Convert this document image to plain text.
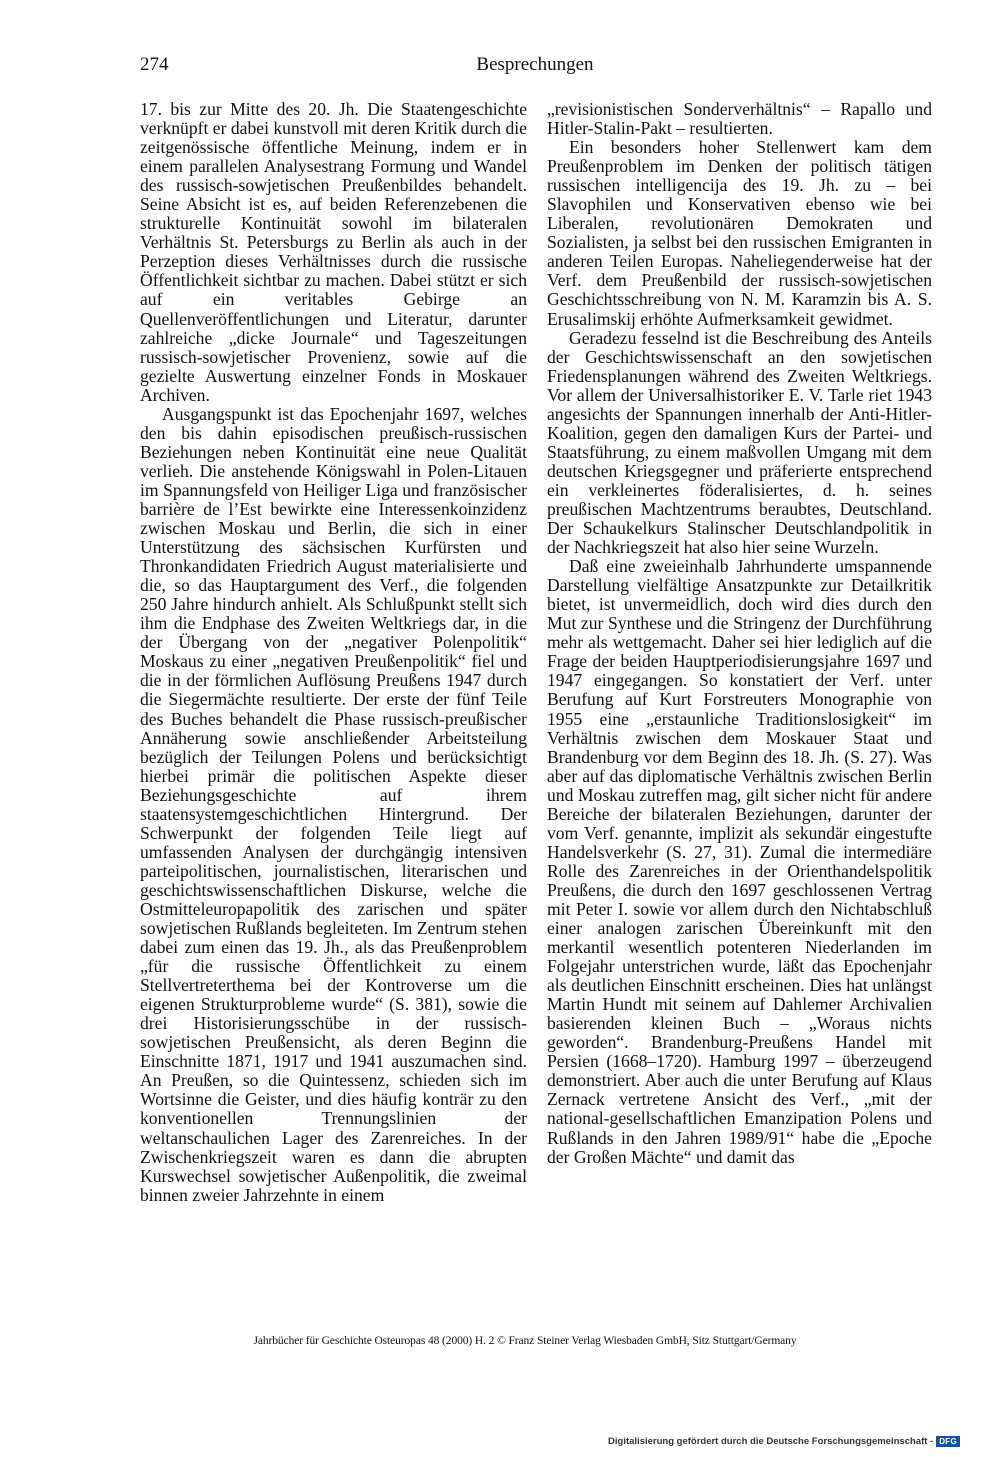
274	Besprechungen

17. bis zur Mitte des 20. Jh. Die Staatengeschichte verknüpft er dabei kunstvoll mit deren Kritik durch die zeitgenössische öffentliche Meinung, indem er in einem parallelen Analysestrang Formung und Wandel des russisch-sowjetischen Preußenbildes behandelt. Seine Absicht ist es, auf beiden Referenzebenen die strukturelle Kontinuität sowohl im bilateralen Verhältnis St. Petersburgs zu Berlin als auch in der Perzeption dieses Verhältnisses durch die russische Öffentlichkeit sichtbar zu machen. Dabei stützt er sich auf ein veritables Gebirge an Quellenveröffentlichungen und Literatur, darunter zahlreiche „dicke Journale“ und Tageszeitungen russisch-sowjetischer Provenienz, sowie auf die gezielte Auswertung einzelner Fonds in Moskauer Archiven.

Ausgangspunkt ist das Epochenjahr 1697, welches den bis dahin episodischen preußisch-russischen Beziehungen neben Kontinuität eine neue Qualität verlieh. Die anstehende Königswahl in Polen-Litauen im Spannungsfeld von Heiliger Liga und französischer barrière de l’Est bewirkte eine Interessenkoinzidenz zwischen Moskau und Berlin, die sich in einer Unterstützung des sächsischen Kurfürsten und Thronkandidaten Friedrich August materialisierte und die, so das Hauptargument des Verf., die folgenden 250 Jahre hindurch anhielt. Als Schlußpunkt stellt sich ihm die Endphase des Zweiten Weltkriegs dar, in die der Übergang von der „negativer Polenpolitik“ Moskaus zu einer „negativen Preußenpolitik“ fiel und die in der förmlichen Auflösung Preußens 1947 durch die Siegermächte resultierte. Der erste der fünf Teile des Buches behandelt die Phase russisch-preußischer Annäherung sowie anschließender Arbeitsteilung bezüglich der Teilungen Polens und berücksichtigt hierbei primär die politischen Aspekte dieser Beziehungsgeschichte auf ihrem staatensystemgeschichtlichen Hintergrund. Der Schwerpunkt der folgenden Teile liegt auf umfassenden Analysen der durchgängig intensiven parteipolitischen, journalistischen, literarischen und geschichtswissenschaftlichen Diskurse, welche die Ostmitteleuropapolitik des zarischen und später sowjetischen Rußlands begleiteten. Im Zentrum stehen dabei zum einen das 19. Jh., als das Preußenproblem „für die russische Öffentlichkeit zu einem Stellvertreterthema bei der Kontroverse um die eigenen Strukturprobleme wurde“ (S. 381), sowie die drei Historisierungsschübe in der russisch-sowjetischen Preußensicht, als deren Beginn die Einschnitte 1871, 1917 und 1941 auszumachen sind. An Preußen, so die Quintessenz, schieden sich im Wortsinne die Geister, und dies häufig konträr zu den konventionellen Trennungslinien der weltanschaulichen Lager des Zarenreiches. In der Zwischenkriegszeit waren es dann die abrupten Kurswechsel sowjetischer Außenpolitik, die zweimal binnen zweier Jahrzehnte in einem

„revisionistischen Sonderverhältnis“ – Rapallo und Hitler-Stalin-Pakt – resultierten.

Ein besonders hoher Stellenwert kam dem Preußenproblem im Denken der politisch tätigen russischen intelligencija des 19. Jh. zu – bei Slavophilen und Konservativen ebenso wie bei Liberalen, revolutionären Demokraten und Sozialisten, ja selbst bei den russischen Emigranten in anderen Teilen Europas. Naheliegenderweise hat der Verf. dem Preußenbild der russisch-sowjetischen Geschichtsschreibung von N. M. Karamzin bis A. S. Erusalimskij erhöhte Aufmerksamkeit gewidmet.

Geradezu fesselnd ist die Beschreibung des Anteils der Geschichtswissenschaft an den sowjetischen Friedensplanungen während des Zweiten Weltkriegs. Vor allem der Universalhistoriker E. V. Tarle riet 1943 angesichts der Spannungen innerhalb der Anti-Hitler-Koalition, gegen den damaligen Kurs der Partei- und Staatsführung, zu einem maßvollen Umgang mit dem deutschen Kriegsgegner und präferierte entsprechend ein verkleinertes föderalisiertes, d. h. seines preußischen Machtzentrums beraubtes, Deutschland. Der Schaukelkurs Stalinscher Deutschlandpolitik in der Nachkriegszeit hat also hier seine Wurzeln.

Daß eine zweieinhalb Jahrhunderte umspannende Darstellung vielfältige Ansatzpunkte zur Detailkritik bietet, ist unvermeidlich, doch wird dies durch den Mut zur Synthese und die Stringenz der Durchführung mehr als wettgemacht. Daher sei hier lediglich auf die Frage der beiden Hauptperiodisierungsjahre 1697 und 1947 eingegangen. So konstatiert der Verf. unter Berufung auf Kurt Forstreuters Monographie von 1955 eine „erstaunliche Traditionslosigkeit“ im Verhältnis zwischen dem Moskauer Staat und Brandenburg vor dem Beginn des 18. Jh. (S. 27). Was aber auf das diplomatische Verhältnis zwischen Berlin und Moskau zutreffen mag, gilt sicher nicht für andere Bereiche der bilateralen Beziehungen, darunter der vom Verf. genannte, implizit als sekundär eingestufte Handelsverkehr (S. 27, 31). Zumal die intermediäre Rolle des Zarenreiches in der Orienthandelspolitik Preußens, die durch den 1697 geschlossenen Vertrag mit Peter I. sowie vor allem durch den Nichtabschluß einer analogen zarischen Übereinkunft mit den merkantil wesentlich potenteren Niederlanden im Folgejahr unterstrichen wurde, läßt das Epochenjahr als deutlichen Einschnitt erscheinen. Dies hat unlängst Martin Hundt mit seinem auf Dahlemer Archivalien basierenden kleinen Buch – „Woraus nichts geworden“. Brandenburg-Preußens Handel mit Persien (1668–1720). Hamburg 1997 – überzeugend demonstriert. Aber auch die unter Berufung auf Klaus Zernack vertretene Ansicht des Verf., „mit der national-gesellschaftlichen Emanzipation Polens und Rußlands in den Jahren 1989/91“ habe die „Epoche der Großen Mächte“ und damit das

Jahrbücher für Geschichte Osteuropas 48 (2000) H. 2 © Franz Steiner Verlag Wiesbaden GmbH, Sitz Stuttgart/Germany
Digitalisierung gefördert durch die Deutsche Forschungsgemeinschaft - DFG
